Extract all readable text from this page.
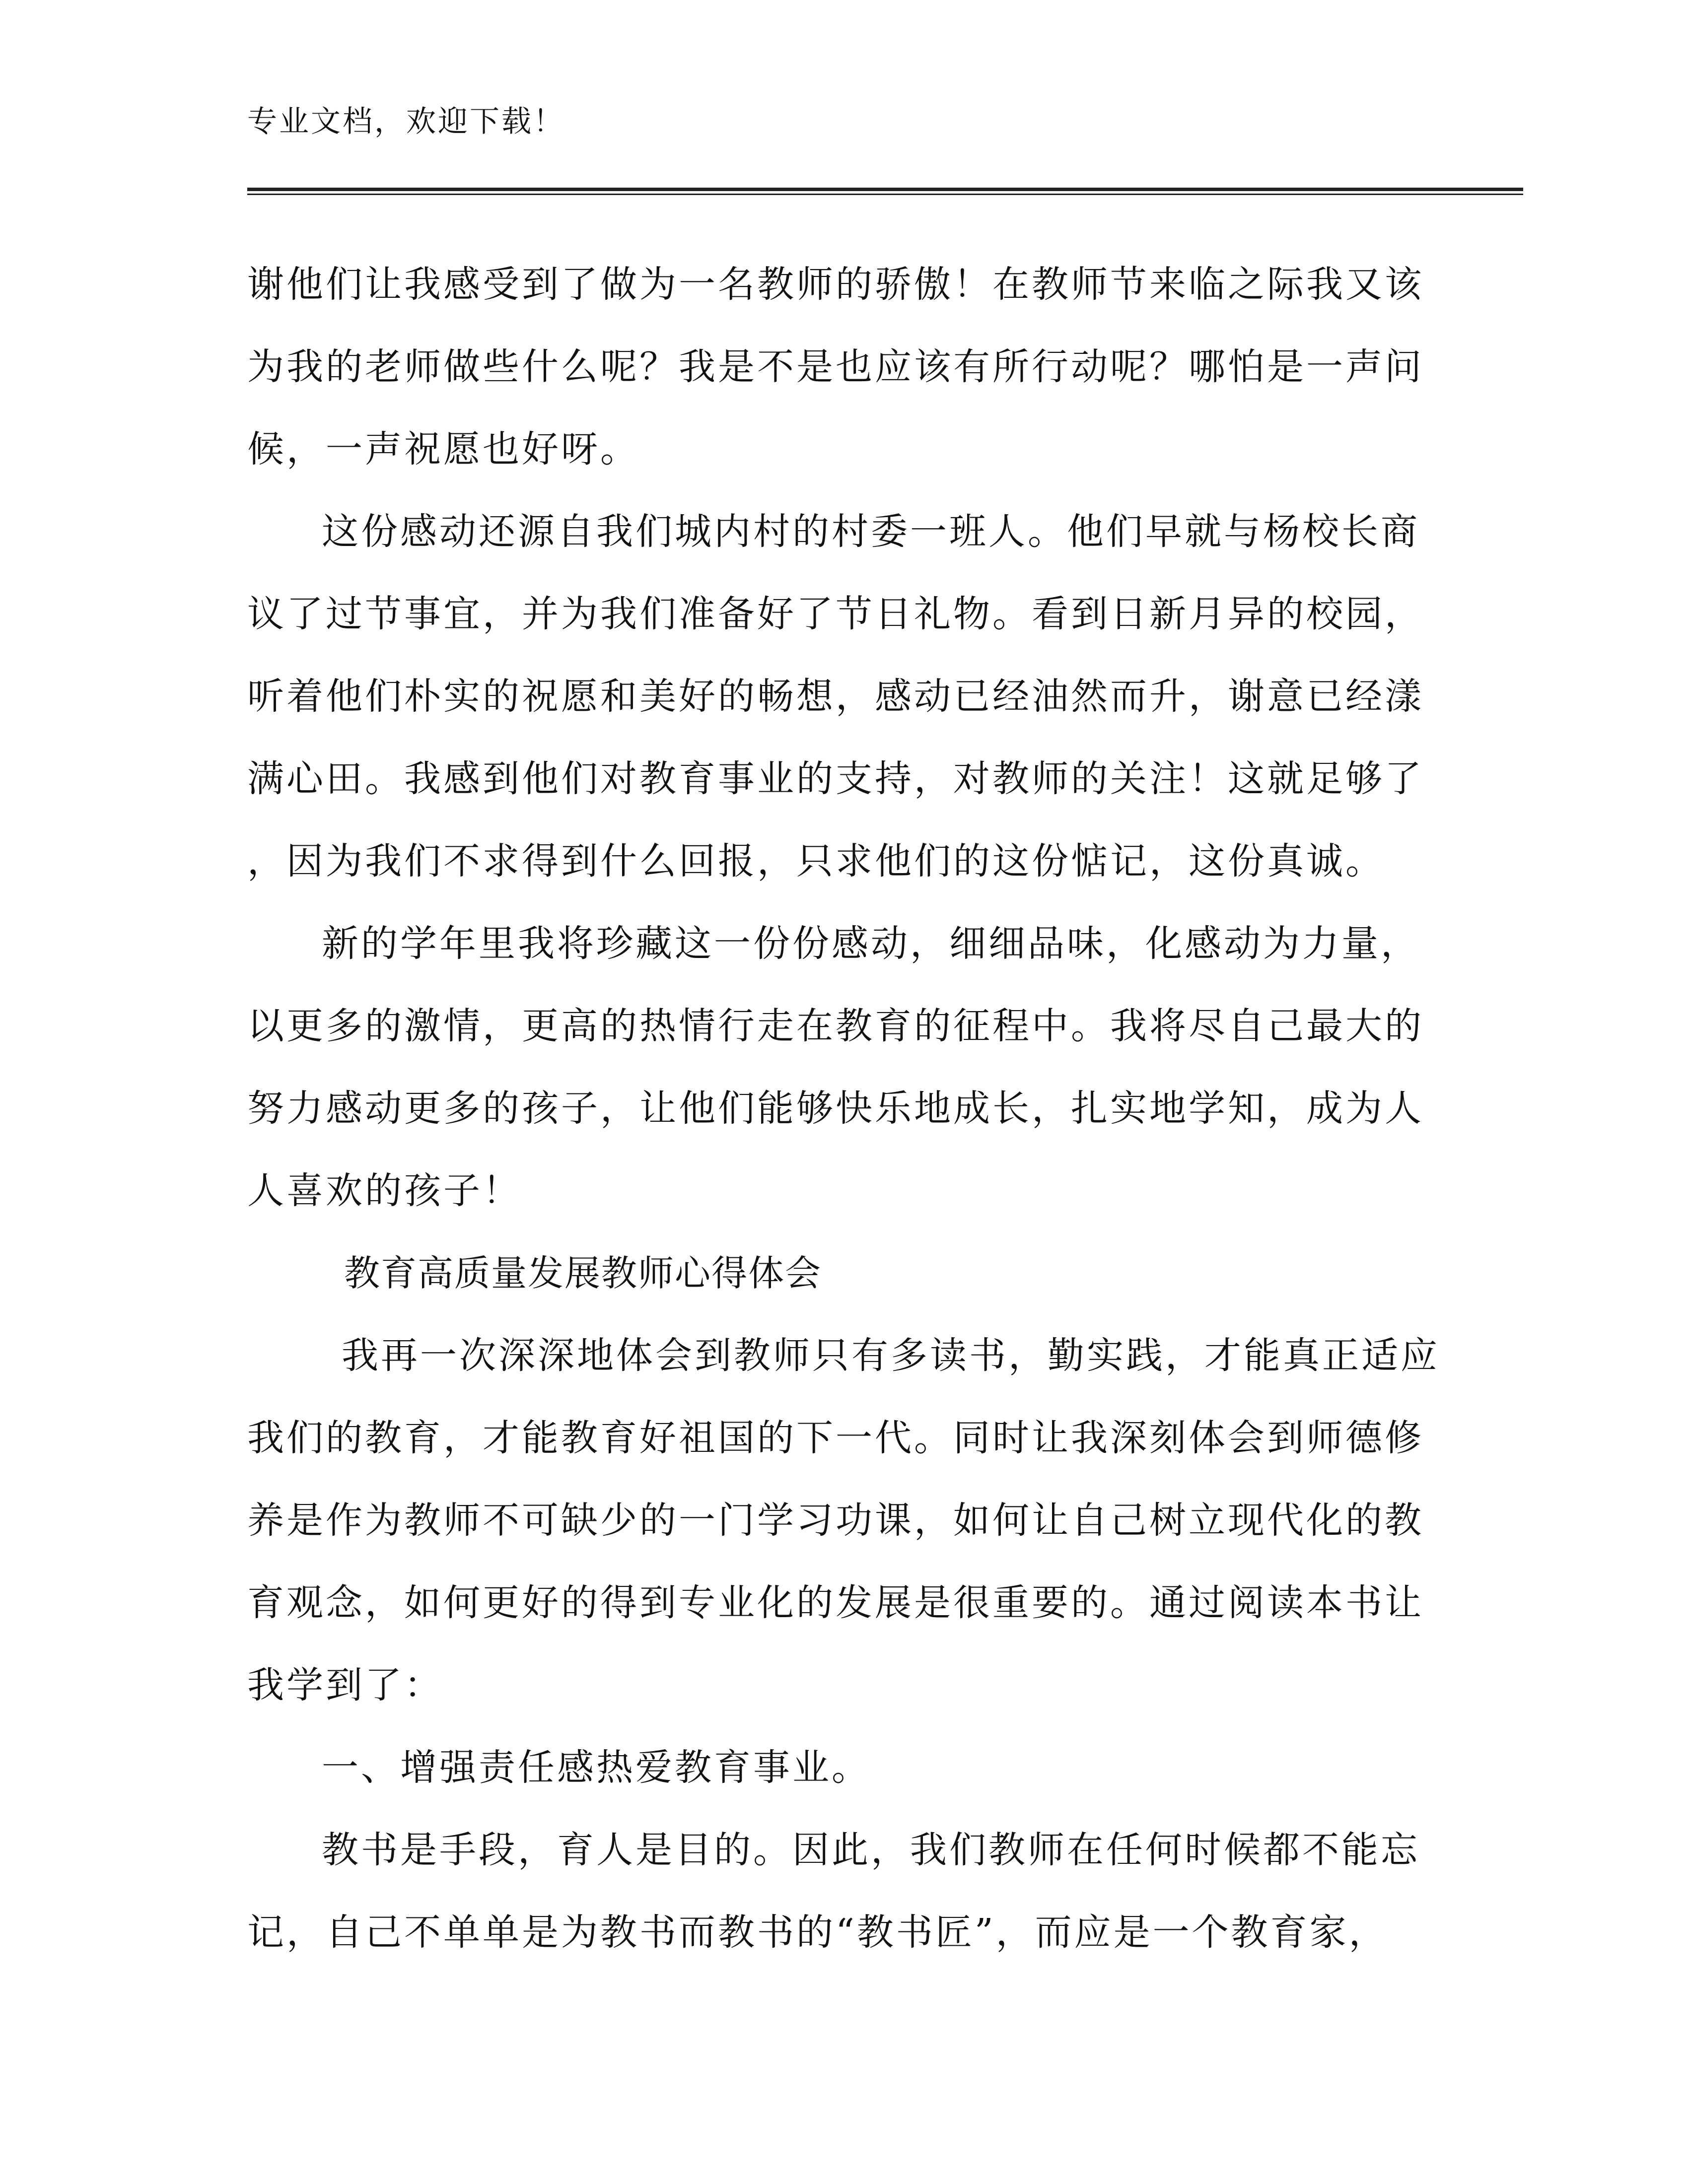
专业文档，欢迎下载！
谢他们让我感受到了做为一名教师的骄傲！在教师节来临之际我又该
为我的老师做些什么呢？我是不是也应该有所行动呢？哪怕是一声问
候，一声祝愿也好呀。
这份感动还源自我们城内村的村委一班人。他们早就与杨校长商
议了过节事宜，并为我们准备好了节日礼物。看到日新月异的校园，
听着他们朴实的祝愿和美好的畅想，感动已经油然而升，谢意已经漾
满心田。我感到他们对教育事业的支持，对教师的关注！这就足够了
，因为我们不求得到什么回报，只求他们的这份惦记，这份真诚。
新的学年里我将珍藏这一份份感动，细细品味，化感动为力量，
以更多的激情，更高的热情行走在教育的征程中。我将尽自己最大的
努力感动更多的孩子，让他们能够快乐地成长，扎实地学知，成为人
人喜欢的孩子！
教育高质量发展教师心得体会
我再一次深深地体会到教师只有多读书，勤实践，才能真正适应
我们的教育，才能教育好祖国的下一代。同时让我深刻体会到师德修
养是作为教师不可缺少的一门学习功课，如何让自己树立现代化的教
育观念，如何更好的得到专业化的发展是很重要的。通过阅读本书让
我学到了：
一、增强责任感热爱教育事业。
教书是手段，育人是目的。因此，我们教师在任何时候都不能忘
记，自己不单单是为教书而教书的“教书匠”，而应是一个教育家，
